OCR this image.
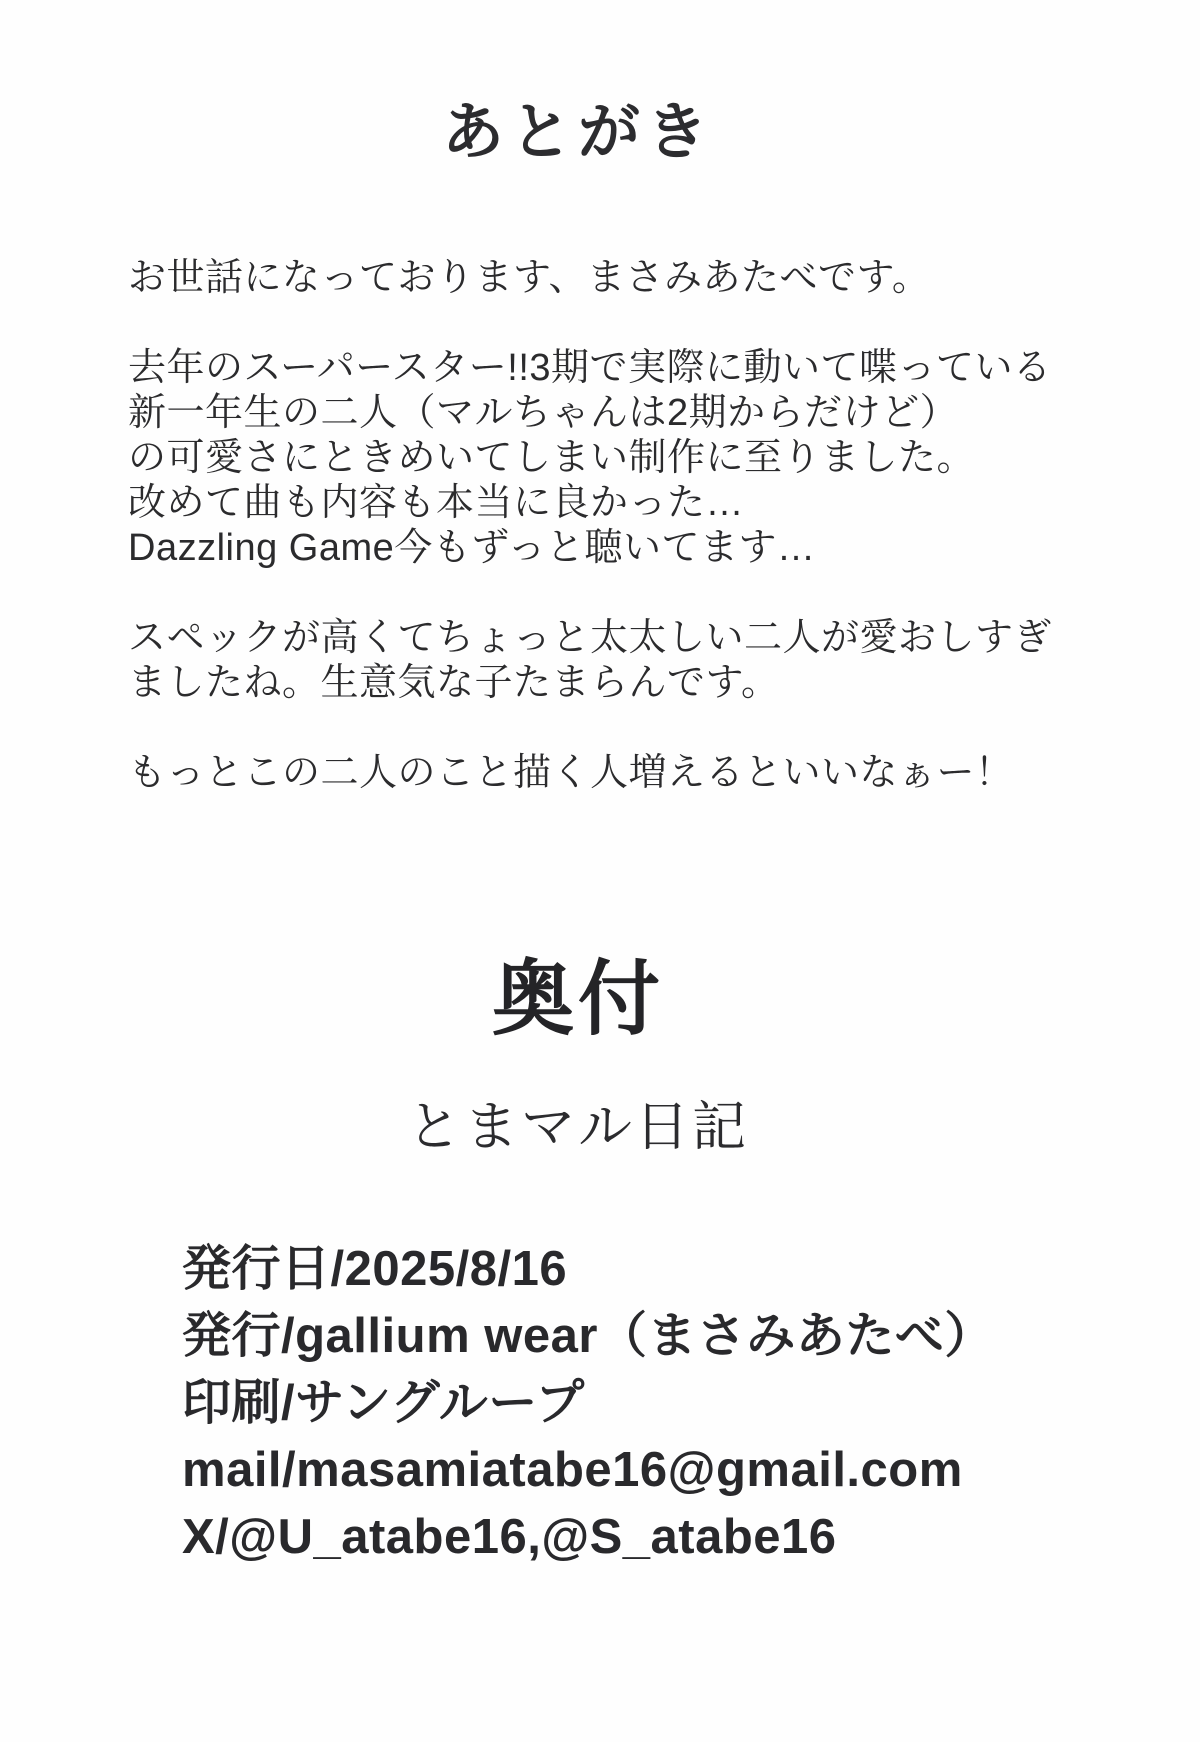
あとがき
お世話になっております、まさみあたべです。
去年のスーパースター!!3期で実際に動いて喋っている
新一年生の二人（マルちゃんは2期からだけど）
の可愛さにときめいてしまい制作に至りました。
改めて曲も内容も本当に良かった…
Dazzling Game今もずっと聴いてます…
スペックが高くてちょっと太太しい二人が愛おしすぎ
ましたね。生意気な子たまらんです。
もっとこの二人のこと描く人増えるといいなぁー！
奥付
とまマル日記
発行日/2025/8/16
発行/gallium wear（まさみあたべ）
印刷/サングループ
mail/masamiatabe16@gmail.com
X/@U_atabe16,@S_atabe16
